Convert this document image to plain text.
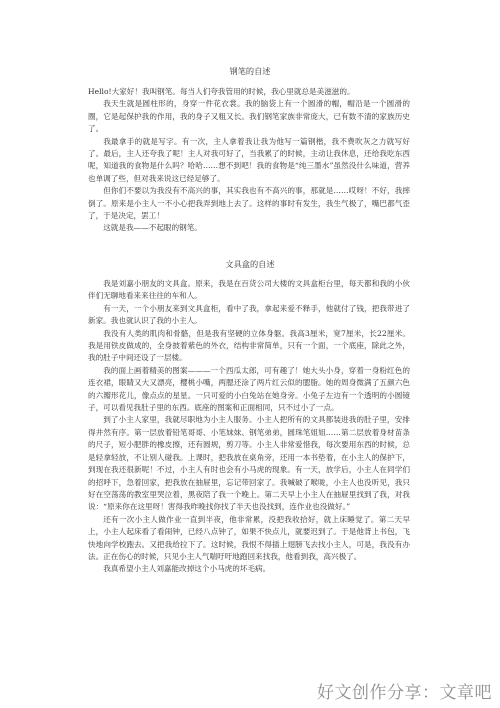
钢笔的自述

Hello!大家好！我叫钢笔。每当人们夸我管用的时候，我心里就总是美滋滋的。

我天生就是圆柱形的，身穿一件花衣裳。我的脑袋上有一个圆滑的帽，帽沿是一个圆滑的圈，它是起保护我的作用，我的身子又粗又长。我们钢笔家族非常庞大，已有数不清的家族历史了。

我最拿手的就是写字。有一次，主人拿着我让我为他写一篇钢楷，我不费吹灰之力就写好了。最后，主人还夸我了呢！主人对我可好了，当我累了的时候，主动让我休息，还给我吃东西呢，知道我的食物是什么吗？哈哈……想不到吧！我的食物是“纯三墨水”虽然没什么味道，营养也单调了些，但对我来说这已经足够了。

但你们不要以为我没有不高兴的事，其实我也有不高兴的事，那就是……哎呀！不好，我摔倒了。原来是小主人一不小心把我弄到地上去了。这样的事时有发生，我生气极了，嘴巴都气歪了，于是决定，罢工！

这就是我——不起眼的钢笔。

文具盒的自述

我是刘嘉小朋友的文具盒。原来，我是在百货公司大楼的文具盒柜台里，每天都和我的小伙伴们无聊地看来来往往的车和人。

有一天，一个小朋友来到文具盒柜，看中了我，拿起来爱不释手，他就付了钱，把我带进了新家。我也就认识了我的小主人。

我没有人类的肌肉和骨骼，但是我有坚硬的立体身躯。我高3厘米，宽7厘米，长22厘米。我是用铁皮做成的，全身披着紫色的外衣，结构非常简单，只有一个面，一个底座，除此之外，我的肚子中间还设了一层楼。

我的面上画着精美的图案———一个西瓜太郎，可有趣了！她大头小身，穿着一身粉红色的连衣裙，眼睛又大又漂亮，樱桃小嘴，两腮还涂了两片红云似的腮脂。她的周身微满了五颜六色的六瓣形花儿，像点点的星星。一只可爱的小白兔站在她身旁。小兔子左边有一个透明的小圆镜子，可以看见我肚子里的东西。底座的图案和正面相同，只不过小了一点。

到了小主人家里，我就尽职地为小主人服务。小主人把所有的文具都装进我的肚子里，安排得井然有序。第一层放着铅笔哥哥、小笔妹妹、钢笔弟弟，圆珠笔姐姐……第二层放着身材苗条的尺子，短小肥胖的橡皮擦，还有圆规，剪刀等。小主人非常爱惜我，每次要用东西的时候，总是轻拿轻放，不让别人碰我。上课时，把我放在桌角旁，还用一本书垫着，在小主人的保护下，到现在我还很新呢！不过，小主人有时也会有小马虎的现象。有一天，放学后，小主人在同学们的招呼下，急着回家，把我放在抽屉里，忘记带回家了。我喊破了喉咙，小主人也没听见，我只好在空荡荡的教室里哭泣着，黑夜陪了我一个晚上。第二天早上小主人在抽屉里找到了我，对我说：“原来你在这里呀！害得我昨晚找你找了半天也没找到，连作业也没做好。”

还有一次小主人做作业一直到半夜，他非常累，没把我收拾好，就上床睡觉了。第二天早上，小主人起床看了看闹钟，已经八点钟了，如果不快点儿，就要迟到了。于是他背上书包，飞快地向学校跑去。又把我给拉下了。这时候，我恨不得插上翅膀飞去找小主人，可是，我没有办法。正在伤心的时候，只见小主人气喘吁吁地跑回来找我，他看到我，高兴极了。

我真希望小主人刘嘉能改掉这个小马虎的坏毛病。

好文创作分享：文章吧
